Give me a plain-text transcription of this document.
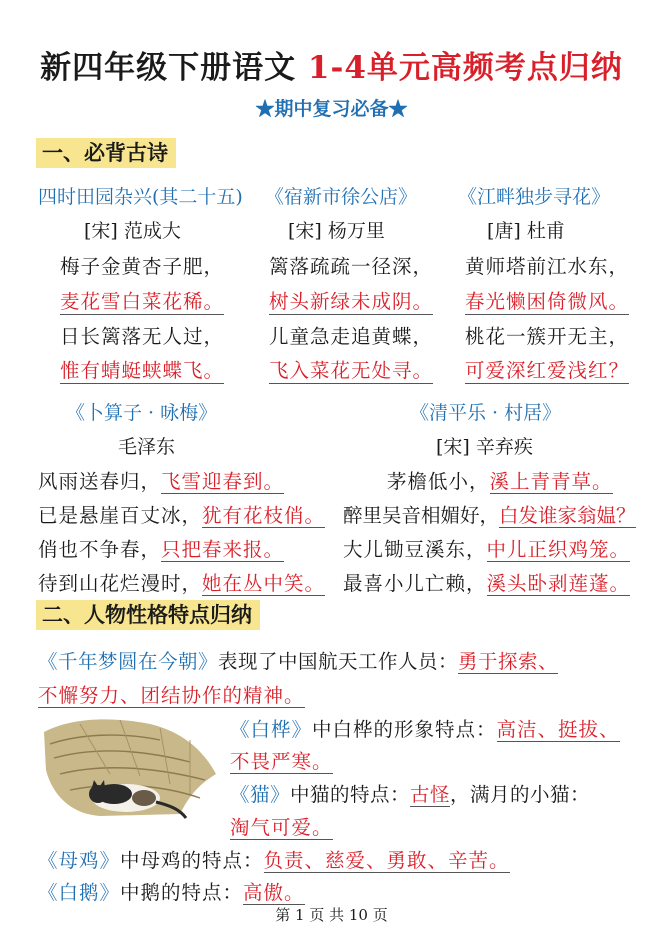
新四年级下册语文 1-4单元高频考点归纳
★期中复习必备★
一、必背古诗
四时田园杂兴(其二十五)
[宋] 范成大
梅子金黄杏子肥，
麦花雪白菜花稀。
日长篱落无人过，
惟有蜻蜓蛱蝶飞。
《宿新市徐公店》
[宋] 杨万里
篱落疏疏一径深，
树头新绿未成阴。
儿童急走追黄蝶，
飞入菜花无处寻。
《江畔独步寻花》
[唐] 杜甫
黄师塔前江水东，
春光懒困倚微风。
桃花一簇开无主，
可爱深红爱浅红？
《卜算子 · 咏梅》
毛泽东
风雨送春归，飞雪迎春到。
已是悬崖百丈冰，犹有花枝俏。
俏也不争春，只把春来报。
待到山花烂漫时，她在丛中笑。
《清平乐 · 村居》
[宋] 辛弃疾
茅檐低小，溪上青青草。
醉里吴音相媚好，白发谁家翁媪？
大儿锄豆溪东，中儿正织鸡笼。
最喜小儿亡赖，溪头卧剥莲蓬。
二、人物性格特点归纳
《千年梦圆在今朝》表现了中国航天工作人员：勇于探索、
不懈努力、团结协作的精神。
《白桦》中白桦的形象特点：高洁、挺拔、
不畏严寒。
《猫》中猫的特点：古怪，满月的小猫：
淘气可爱。
《母鸡》中母鸡的特点：负责、慈爱、勇敢、辛苦。
《白鹅》中鹅的特点：高傲。
第 1 页 共 10 页
